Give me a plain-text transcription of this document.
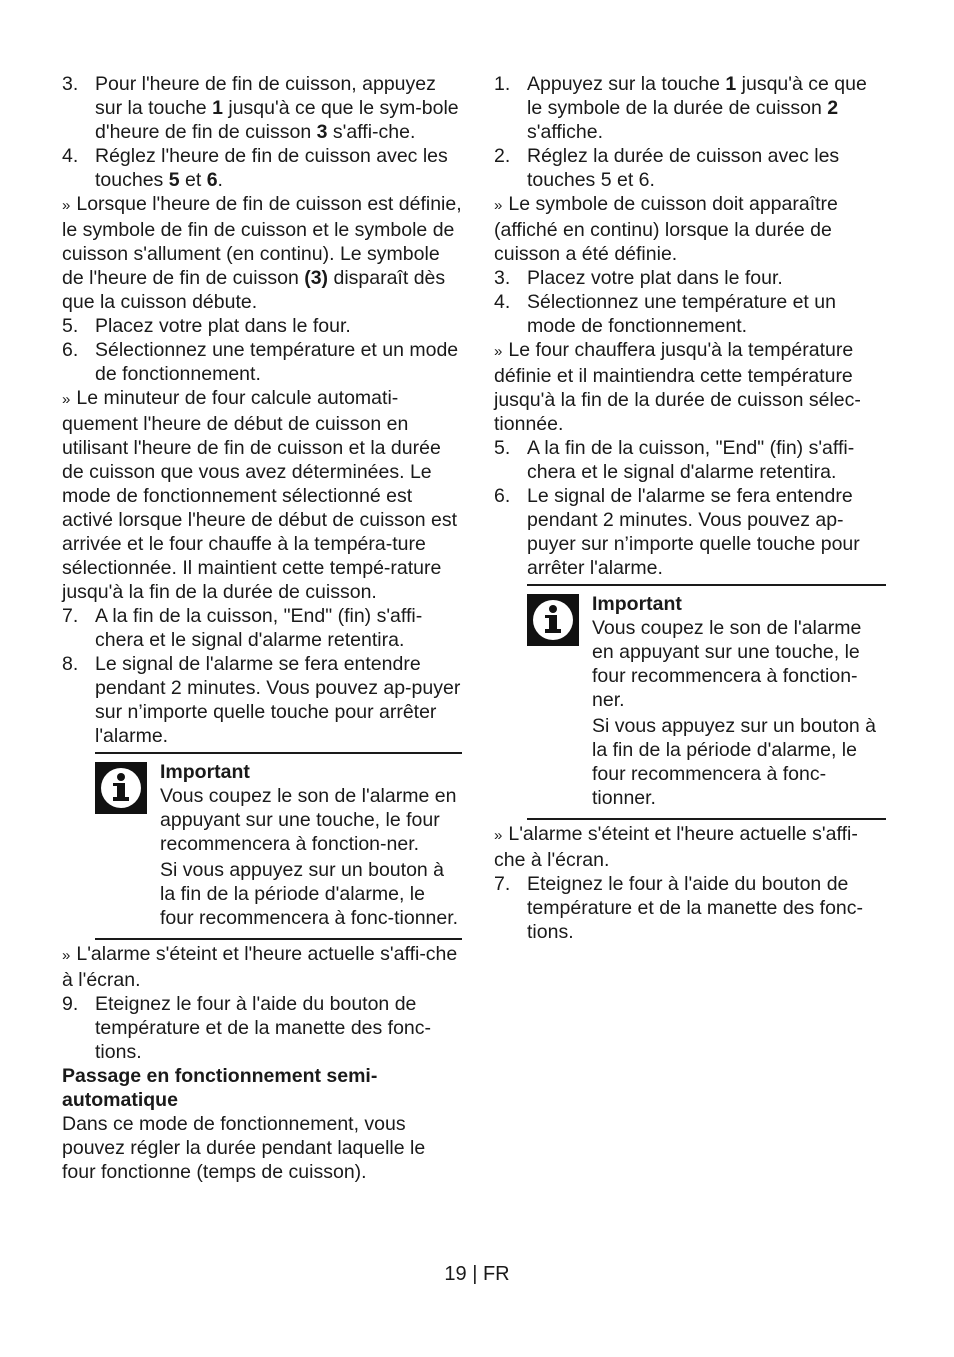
3. Pour l'heure de fin de cuisson, appuyez sur la touche 1 jusqu'à ce que le sym-bole d'heure de fin de cuisson 3 s'affi-che.
4. Réglez l'heure de fin de cuisson avec les touches 5 et 6.
» Lorsque l'heure de fin de cuisson est définie, le symbole de fin de cuisson et le symbole de cuisson s'allument (en continu). Le symbole de l'heure de fin de cuisson (3) disparaît dès que la cuisson débute.
5. Placez votre plat dans le four.
6. Sélectionnez une température et un mode de fonctionnement.
» Le minuteur de four calcule automati-quement l'heure de début de cuisson en utilisant l'heure de fin de cuisson et la durée de cuisson que vous avez déterminées. Le mode de fonctionnement sélectionné est activé lorsque l'heure de début de cuisson est arrivée et le four chauffe à la tempéra-ture sélectionnée. Il maintient cette tempé-rature jusqu'à la fin de la durée de cuisson.
7. A la fin de la cuisson, "End" (fin) s'affi-chera et le signal d'alarme retentira.
8. Le signal de l'alarme se fera entendre pendant 2 minutes. Vous pouvez ap-puyer sur n’importe quelle touche pour arrêter l'alarme.
Important

Vous coupez le son de l'alarme en appuyant sur une touche, le four recommencera à fonction-ner.

Si vous appuyez sur un bouton à la fin de la période d'alarme, le four recommencera à fonc-tionner.

» L'alarme s'éteint et l'heure actuelle s'affi-che à l'écran.
9. Eteignez le four à l'aide du bouton de température et de la manette des fonc-tions.
Passage en fonctionnement semi-automatique
Dans ce mode de fonctionnement, vous pouvez régler la durée pendant laquelle le four fonctionne (temps de cuisson).
1. Appuyez sur la touche 1 jusqu'à ce que le symbole de la durée de cuisson 2 s'affiche.
2. Réglez la durée de cuisson avec les touches 5 et 6.
» Le symbole de cuisson doit apparaître (affiché en continu) lorsque la durée de cuisson a été définie.
3. Placez votre plat dans le four.
4. Sélectionnez une température et un mode de fonctionnement.
» Le four chauffera jusqu'à la température définie et il maintiendra cette température jusqu'à la fin de la durée de cuisson sélec-tionnée.
5. A la fin de la cuisson, "End" (fin) s'affi-chera et le signal d'alarme retentira.
6. Le signal de l'alarme se fera entendre pendant 2 minutes. Vous pouvez ap-puyer sur n’importe quelle touche pour arrêter l'alarme.
Important

Vous coupez le son de l'alarme en appuyant sur une touche, le four recommencera à fonction-ner.

Si vous appuyez sur un bouton à la fin de la période d'alarme, le four recommencera à fonc-tionner.

» L'alarme s'éteint et l'heure actuelle s'affi-che à l'écran.
7. Eteignez le four à l'aide du bouton de température et de la manette des fonc-tions.
19 | FR
